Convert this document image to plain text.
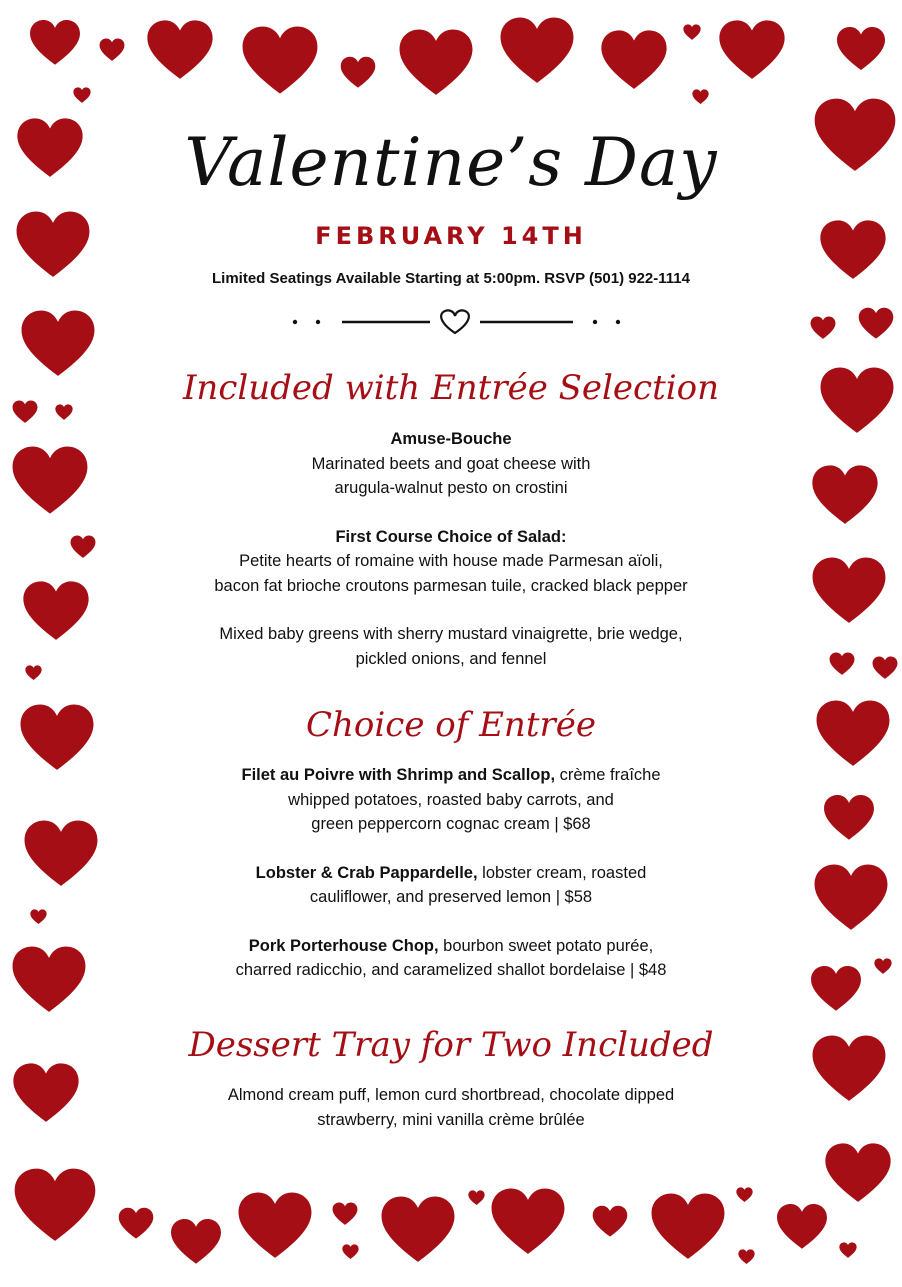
Valentine’s Day
FEBRUARY 14TH
Limited Seatings Available Starting at 5:00pm. RSVP (501) 922-1114
Included with Entrée Selection
Amuse-Bouche
Marinated beets and goat cheese with
arugula-walnut pesto on crostini
First Course Choice of Salad:
Petite hearts of romaine with house made Parmesan aïoli,
bacon fat brioche croutons parmesan tuile, cracked black pepper
Mixed baby greens with sherry mustard vinaigrette, brie wedge,
pickled onions, and fennel
Choice of Entrée
Filet au Poivre with Shrimp and Scallop, crème fraîche
whipped potatoes, roasted baby carrots, and
green peppercorn cognac cream | $68
Lobster & Crab Pappardelle, lobster cream, roasted
cauliflower, and preserved lemon | $58
Pork Porterhouse Chop, bourbon sweet potato purée,
charred radicchio, and caramelized shallot bordelaise | $48
Dessert Tray for Two Included
Almond cream puff, lemon curd shortbread, chocolate dipped
strawberry, mini vanilla crème brûlée
